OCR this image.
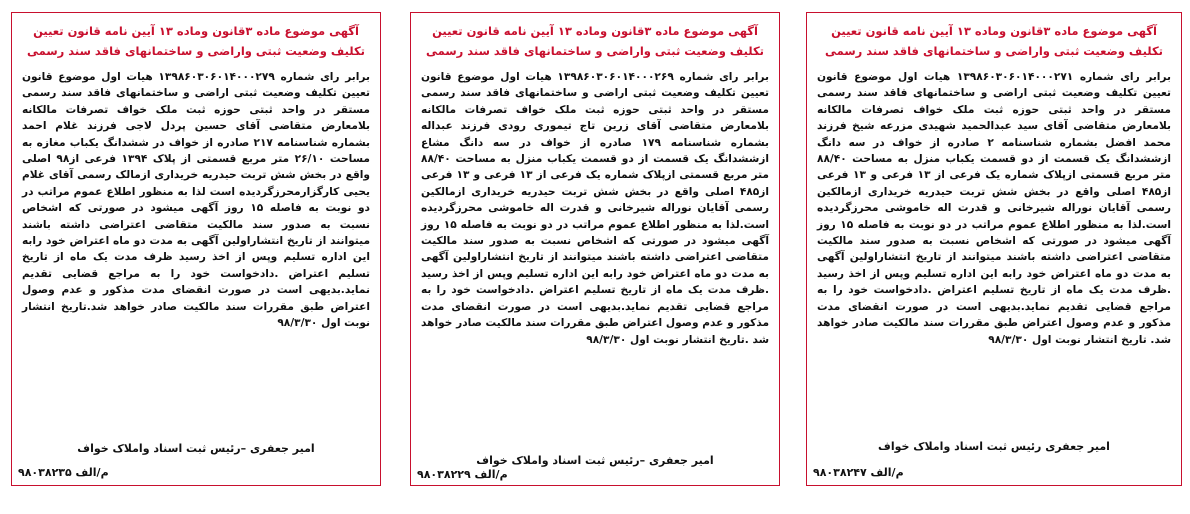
آگهی موضوع ماده ۳قانون وماده ۱۳ آیین نامه قانون تعیین
تکلیف وضعیت ثبتی واراضی و ساختمانهای فاقد سند رسمی
برابر رای شماره ۱۳۹۸۶۰۳۰۶۰۱۴۰۰۰۲۷۹ هیات اول موضوع قانون تعیین تکلیف وضعیت ثبتی اراضی و ساختمانهای فاقد سند رسمی مستقر در واحد ثبتی حوزه ثبت ملک خواف تصرفات مالکانه بلامعارض متقاضی آقای حسین پردل لاجی فرزند غلام احمد بشماره شناسنامه ۲۱۷ صادره از خواف در ششدانگ یکباب مغازه به مساحت ۲۶/۱۰ متر مربع قسمتی از پلاک ۱۳۹۴ فرعی از۹۸ اصلی واقع در بخش شش تربت حیدریه خریداری ازمالک رسمی آقای غلام یحیی کارگزارمحرزگردیده است لذا به منظور اطلاع عموم مراتب در دو نوبت به فاصله ۱۵ روز آگهی میشود در صورتی که اشخاص نسبت به صدور سند مالکیت متقاضی اعتراضی داشته باشند میتوانند از تاریخ انتشاراولین آگهی به مدت دو ماه اعتراض خود رابه این اداره تسلیم وپس از اخذ رسید ظرف مدت یک ماه از تاریخ تسلیم اعتراض .دادخواست خود را به مراجع قضایی تقدیم نماید.بدیهی است در صورت انقضای مدت مذکور و عدم وصول اعتراض طبق مقررات سند مالکیت صادر خواهد شد.تاریخ انتشار نوبت اول ۹۸/۳/۳۰
امیر جعفری –رئیس ثبت اسناد واملاک خواف
م/الف ۹۸۰۳۸۲۳۵
آگهی موضوع ماده ۳قانون وماده ۱۳ آیین نامه قانون تعیین
تکلیف وضعیت ثبتی واراضی و ساختمانهای فاقد سند رسمی
برابر رای شماره ۱۳۹۸۶۰۳۰۶۰۱۴۰۰۰۲۶۹ هیات اول موضوع قانون تعیین تکلیف وضعیت ثبتی اراضی و ساختمانهای فاقد سند رسمی مستقر در واحد ثبتی حوزه ثبت ملک خواف تصرفات مالکانه بلامعارض متقاضی آقای زرین تاج تیموری رودی فرزند عبداله بشماره شناسنامه ۱۷۹ صادره از خواف در سه دانگ مشاع ازششدانگ یک قسمت از دو قسمت یکباب منزل به مساحت ۸۸/۴۰ متر مربع قسمتی ازپلاک شماره یک فرعی از ۱۳ فرعی و ۱۳ فرعی از۴۸۵ اصلی واقع در بخش شش تربت حیدریه خریداری ازمالکین رسمی آقایان نوراله شیرخانی و قدرت اله خاموشی محرزگردیده است.لذا به منظور اطلاع عموم مراتب در دو نوبت به فاصله ۱۵ روز آگهی میشود در صورتی که اشخاص نسبت به صدور سند مالکیت متقاضی اعتراضی داشته باشند میتوانند از تاریخ انتشاراولین آگهی به مدت دو ماه اعتراض خود رابه این اداره تسلیم وپس از اخذ رسید .ظرف مدت یک ماه از تاریخ تسلیم اعتراض .دادخواست خود را به مراجع قضایی تقدیم نماید.بدیهی است در صورت انقضای مدت مذکور و عدم وصول اعتراض طبق مقررات سند مالکیت صادر خواهد شد .تاریخ انتشار نوبت اول ۹۸/۳/۳۰
امیر جعفری –رئیس ثبت اسناد واملاک خواف
م/الف ۹۸۰۳۸۲۲۹
آگهی موضوع ماده ۳قانون وماده ۱۳ آیین نامه قانون تعیین
تکلیف وضعیت ثبتی واراضی و ساختمانهای فاقد سند رسمی
برابر رای شماره ۱۳۹۸۶۰۳۰۶۰۱۴۰۰۰۲۷۱ هیات اول موضوع قانون تعیین تکلیف وضعیت ثبتی اراضی و ساختمانهای فاقد سند رسمی مستقر در واحد ثبتی حوزه ثبت ملک خواف تصرفات مالکانه بلامعارض متقاضی آقای سید عبدالحمید شهیدی مزرعه شیخ فرزند محمد افضل بشماره شناسنامه ۲ صادره از خواف در سه دانگ ازششدانگ یک قسمت از دو قسمت یکباب منزل به مساحت ۸۸/۴۰ متر مربع قسمتی ازپلاک شماره یک فرعی از ۱۳ فرعی و ۱۳ فرعی از۴۸۵ اصلی واقع در بخش شش تربت حیدریه خریداری ازمالکین رسمی آقایان نوراله شیرخانی و قدرت اله خاموشی محرزگردیده است.لذا به منظور اطلاع عموم مراتب در دو نوبت به فاصله ۱۵ روز آگهی میشود در صورتی که اشخاص نسبت به صدور سند مالکیت متقاضی اعتراضی داشته باشند میتوانند از تاریخ انتشاراولین آگهی به مدت دو ماه اعتراض خود رابه این اداره تسلیم وپس از اخذ رسید .ظرف مدت یک ماه از تاریخ تسلیم اعتراض .دادخواست خود را به مراجع قضایی تقدیم نماید.بدیهی است در صورت انقضای مدت مذکور و عدم وصول اعتراض طبق مقررات سند مالکیت صادر خواهد شد. تاریخ انتشار نوبت اول ۹۸/۳/۳۰
امیر جعفری رئیس ثبت اسناد واملاک خواف
م/الف ۹۸۰۳۸۲۴۷
